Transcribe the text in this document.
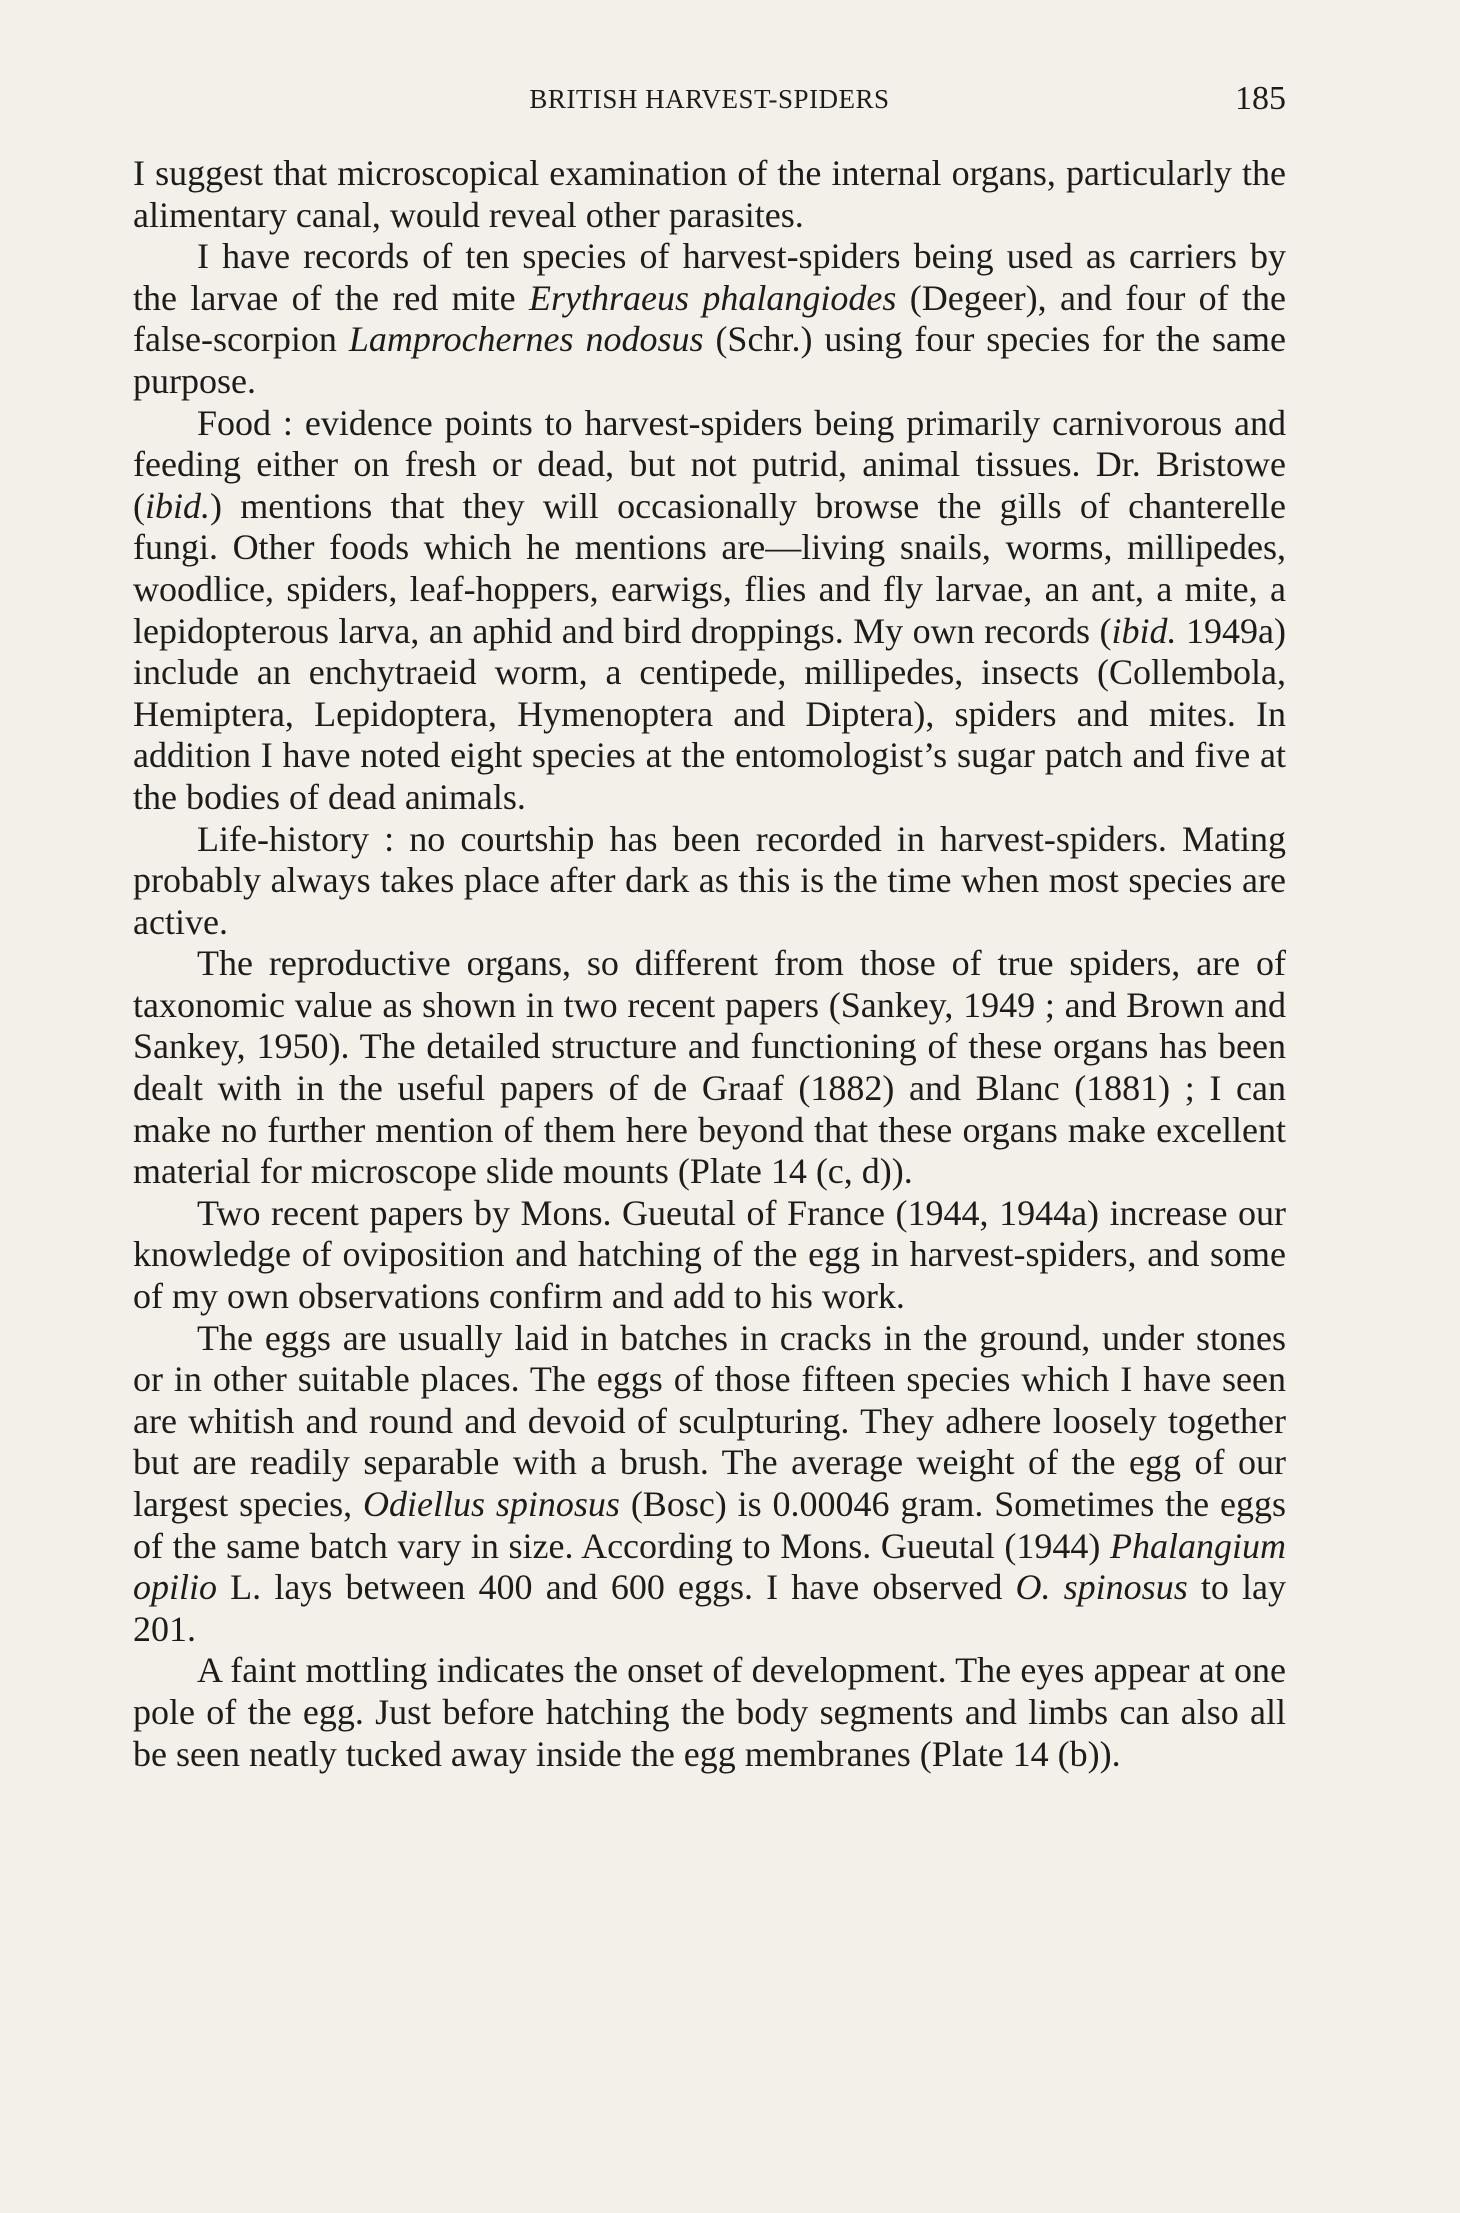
BRITISH HARVEST-SPIDERS	185

I suggest that microscopical examination of the internal organs, particularly the alimentary canal, would reveal other parasites.

I have records of ten species of harvest-spiders being used as carriers by the larvae of the red mite Erythraeus phalangiodes (Degeer), and four of the false-scorpion Lamprochernes nodosus (Schr.) using four species for the same purpose.

Food : evidence points to harvest-spiders being primarily carnivorous and feeding either on fresh or dead, but not putrid, animal tissues. Dr. Bristowe (ibid.) mentions that they will occasionally browse the gills of chanterelle fungi. Other foods which he mentions are—living snails, worms, millipedes, woodlice, spiders, leaf-hoppers, earwigs, flies and fly larvae, an ant, a mite, a lepidopterous larva, an aphid and bird droppings. My own records (ibid. 1949a) include an enchytraeid worm, a centipede, millipedes, insects (Collembola, Hemiptera, Lepidoptera, Hymenoptera and Diptera), spiders and mites. In addition I have noted eight species at the entomologist’s sugar patch and five at the bodies of dead animals.

Life-history : no courtship has been recorded in harvest-spiders. Mating probably always takes place after dark as this is the time when most species are active.

The reproductive organs, so different from those of true spiders, are of taxonomic value as shown in two recent papers (Sankey, 1949 ; and Brown and Sankey, 1950). The detailed structure and functioning of these organs has been dealt with in the useful papers of de Graaf (1882) and Blanc (1881) ; I can make no further mention of them here beyond that these organs make excellent material for microscope slide mounts (Plate 14 (c, d)).

Two recent papers by Mons. Gueutal of France (1944, 1944a) increase our knowledge of oviposition and hatching of the egg in harvest-spiders, and some of my own observations confirm and add to his work.

The eggs are usually laid in batches in cracks in the ground, under stones or in other suitable places. The eggs of those fifteen species which I have seen are whitish and round and devoid of sculpturing. They adhere loosely together but are readily separable with a brush. The average weight of the egg of our largest species, Odiellus spinosus (Bosc) is 0.00046 gram. Sometimes the eggs of the same batch vary in size. According to Mons. Gueutal (1944) Phalangium opilio L. lays between 400 and 600 eggs. I have observed O. spinosus to lay 201.

A faint mottling indicates the onset of development. The eyes appear at one pole of the egg. Just before hatching the body segments and limbs can also all be seen neatly tucked away inside the egg membranes (Plate 14 (b)).
